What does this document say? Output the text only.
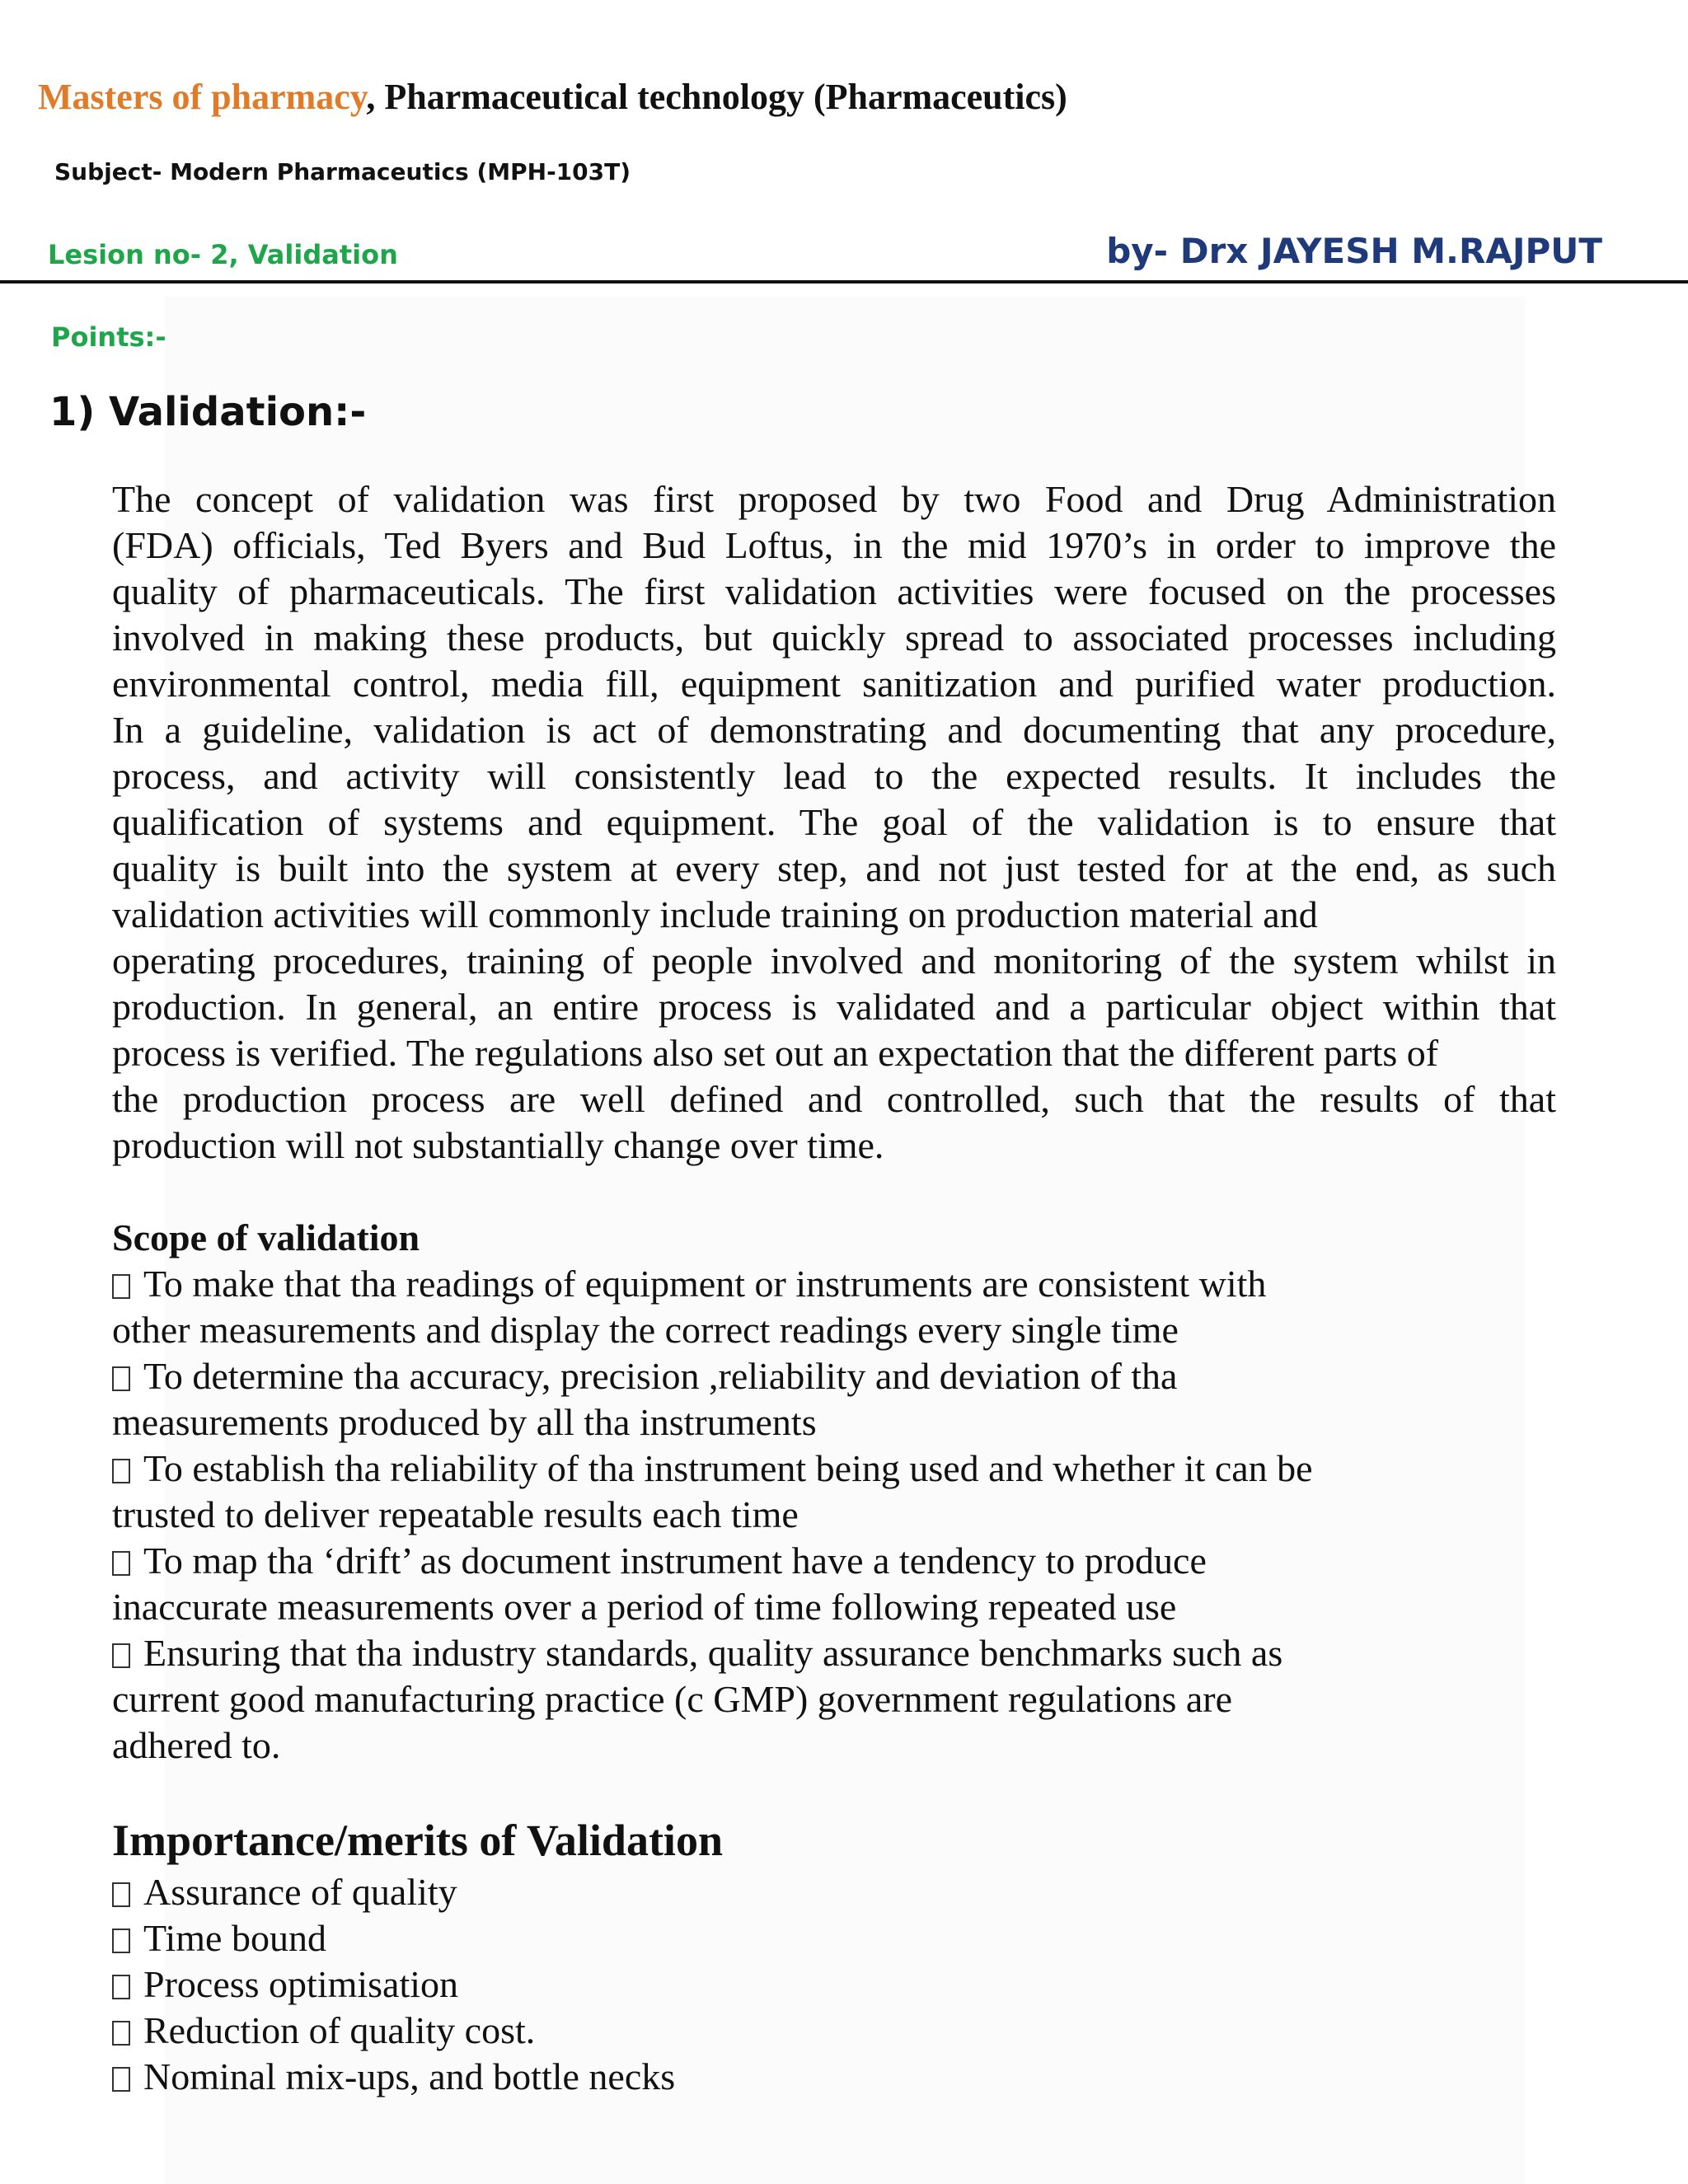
Masters of pharmacy, Pharmaceutical technology (Pharmaceutics)
Subject- Modern Pharmaceutics (MPH-103T)
Lesion no- 2, Validation	by- Drx JAYESH M.RAJPUT
Points:-
1) Validation:-
The concept of validation was first proposed by two Food and Drug Administration
(FDA) officials, Ted Byers and Bud Loftus, in the mid 1970’s in order to improve the
quality of pharmaceuticals. The first validation activities were focused on the processes
involved in making these products, but quickly spread to associated processes including
environmental control, media fill, equipment sanitization and purified water production.
In a guideline, validation is act of demonstrating and documenting that any procedure,
process, and activity will consistently lead to the expected results. It includes the
qualification of systems and equipment. The goal of the validation is to ensure that
quality is built into the system at every step, and not just tested for at the end, as such
validation activities will commonly include training on production material and
operating procedures, training of people involved and monitoring of the system whilst in
production. In general, an entire process is validated and a particular object within that
process is verified. The regulations also set out an expectation that the different parts of
the production process are well defined and controlled, such that the results of that
production will not substantially change over time.
Scope of validation
To make that tha readings of equipment or instruments are consistent with
other measurements and display the correct readings every single time
To determine tha accuracy, precision ,reliability and deviation of tha
measurements produced by all tha instruments
To establish tha reliability of tha instrument being used and whether it can be
trusted to deliver repeatable results each time
To map tha ‘drift’ as document instrument have a tendency to produce
inaccurate measurements over a period of time following repeated use
Ensuring that tha industry standards, quality assurance benchmarks such as
current good manufacturing practice (c GMP) government regulations are
adhered to.
Importance/merits of Validation
Assurance of quality
Time bound
Process optimisation
Reduction of quality cost.
Nominal mix-ups, and bottle necks
